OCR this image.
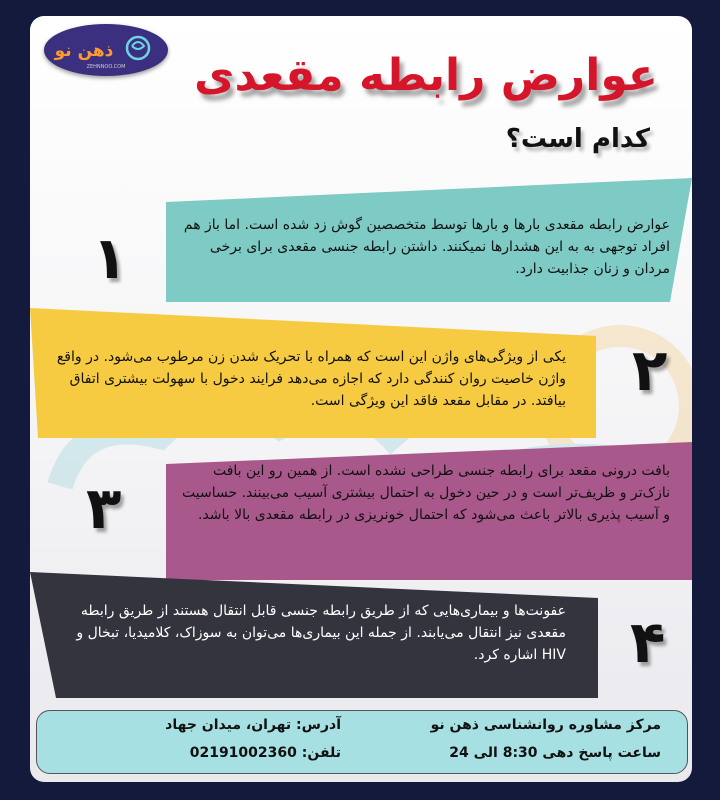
ذهن نو
ZEHNNOO.COM عوارض رابطه مقعدی
کدام است؟
عوارض رابطه مقعدی بارها و بارها توسط متخصصین گوش زد شده است. اما باز هم افراد توجهی به به این هشدارها نمیکنند. داشتن رابطه جنسی مقعدی برای برخی مردان و زنان جذابیت دارد.
۱
یکی از ویژگی‌های واژن این است که همراه با تحریک شدن زن مرطوب می‌شود. در واقع واژن خاصیت روان کنندگی دارد که اجازه می‌دهد فرایند دخول با سهولت بیشتری اتفاق بیافتد. در مقابل مقعد فاقد این ویژگی است. ۲
بافت درونی مقعد برای رابطه جنسی طراحی نشده است. از همین رو این بافت نازک‌تر و ظریف‌تر است و در حین دخول به احتمال بیشتری آسیب می‌بینند. حساسیت و آسیب پذیری بالاتر باعث می‌شود که احتمال خونریزی در رابطه مقعدی بالا باشد.
۳
عفونت‌ها و بیماری‌هایی که از طریق رابطه جنسی قابل انتقال هستند از طریق رابطه مقعدی نیز انتقال می‌یابند. از جمله این بیماری‌ها می‌توان به سوزاک، کلامیدیا، تبخال و HIV اشاره کرد. ۴
مرکز مشاوره روانشناسی ذهن نو
ساعت پاسخ دهی 8:30 الی 24
آدرس: تهران، میدان جهاد
تلفن: 02191002360
